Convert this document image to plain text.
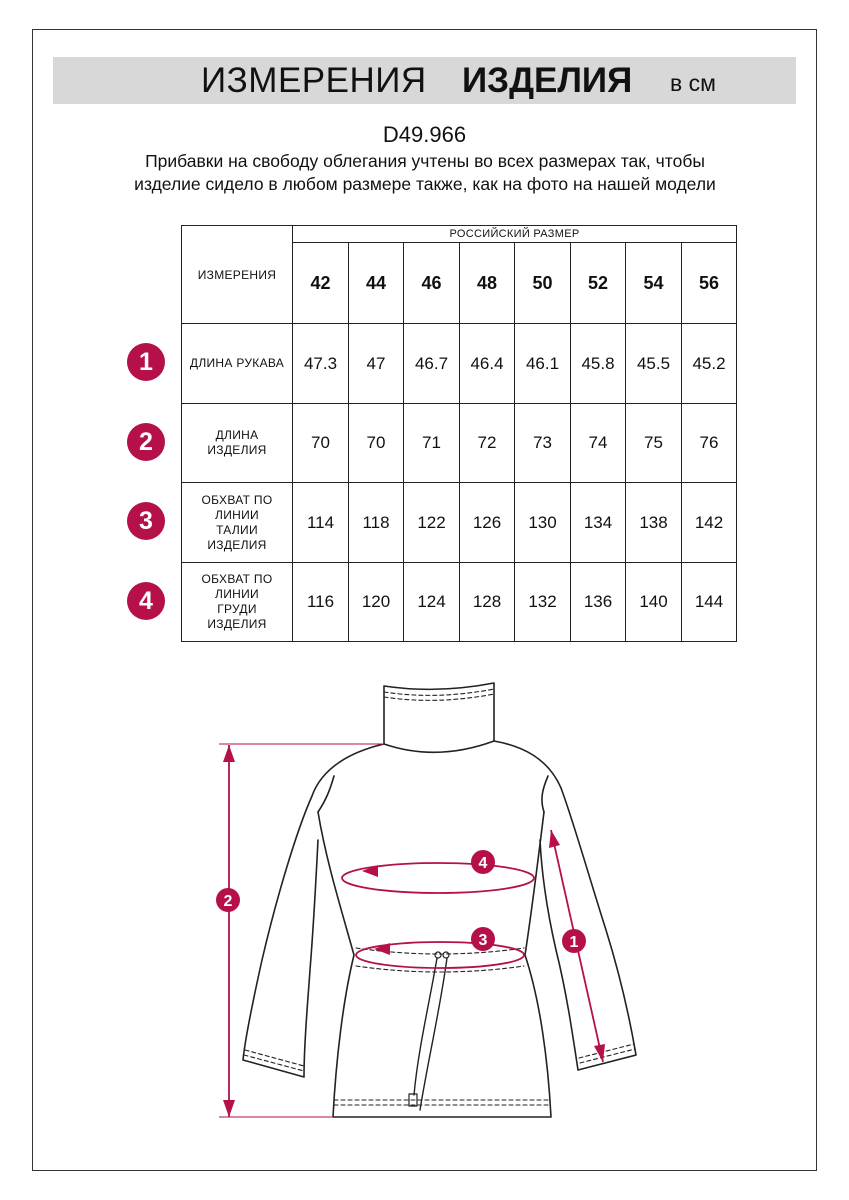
ИЗМЕРЕНИЯ ИЗДЕЛИЯ в см
D49.966
Прибавки на свободу облегания учтены во всех размерах так, чтобы изделие сидело в любом размере также, как на фото на нашей модели
ИЗМЕРЕНИЯ	РОССИЙСКИЙ РАЗМЕР							
	42	44	46	48	50	52	54	56
ДЛИНА РУКАВА	47.3	47	46.7	46.4	46.1	45.8	45.5	45.2
ДЛИНА ИЗДЕЛИЯ	70	70	71	72	73	74	75	76
ОБХВАТ ПО ЛИНИИ ТАЛИИ ИЗДЕЛИЯ	114	118	122	126	130	134	138	142
ОБХВАТ ПО ЛИНИИ ГРУДИ ИЗДЕЛИЯ	116	120	124	128	132	136	140	144
1
2
3
4
4
3
2
1
